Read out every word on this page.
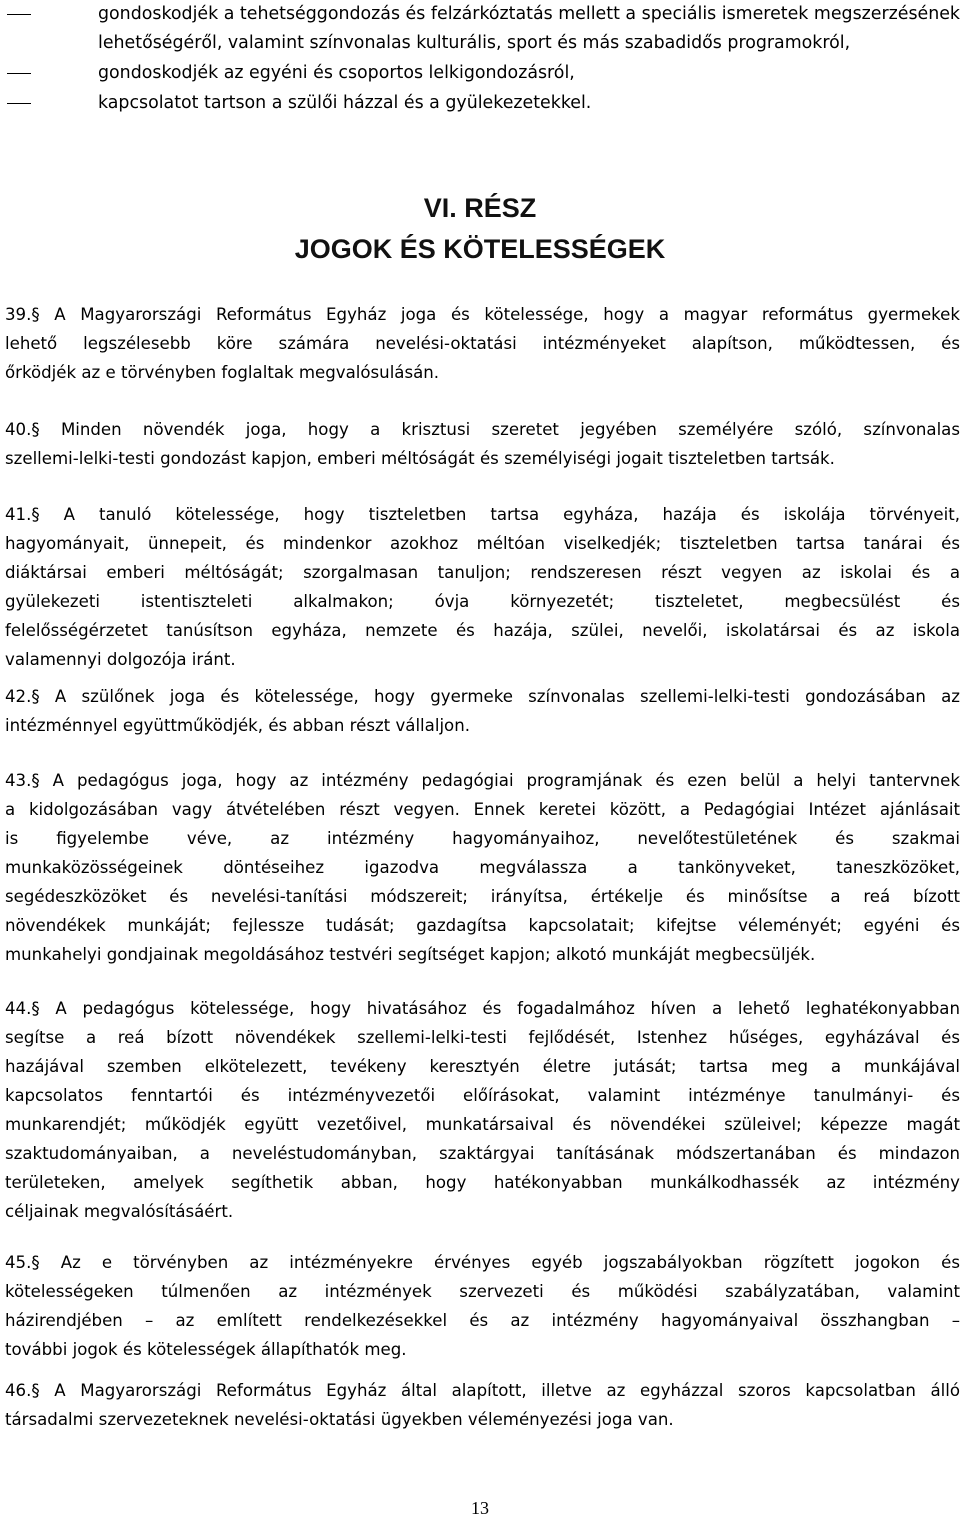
gondoskodjék a tehetséggondozás és felzárkóztatás mellett a speciális ismeretek megszerzésének lehetőségéről, valamint színvonalas kulturális, sport és más szabadidős programokról,
gondoskodjék az egyéni és csoportos lelkigondozásról,
kapcsolatot tartson a szülői házzal és a gyülekezetekkel.
VI. RÉSZ
JOGOK ÉS KÖTELESSÉGEK
39.§ A Magyarországi Református Egyház joga és kötelessége, hogy a magyar református gyermekek
lehető legszélesebb köre számára nevelési-oktatási intézményeket alapítson, működtessen, és
őrködjék az e törvényben foglaltak megvalósulásán.
40.§ Minden növendék joga, hogy a krisztusi szeretet jegyében személyére szóló, színvonalas
szellemi-lelki-testi gondozást kapjon, emberi méltóságát és személyiségi jogait tiszteletben tartsák.
41.§ A tanuló kötelessége, hogy tiszteletben tartsa egyháza, hazája és iskolája törvényeit,
hagyományait, ünnepeit, és mindenkor azokhoz méltóan viselkedjék; tiszteletben tartsa tanárai és
diáktársai emberi méltóságát; szorgalmasan tanuljon; rendszeresen részt vegyen az iskolai és a
gyülekezeti istentiszteleti alkalmakon; óvja környezetét; tiszteletet, megbecsülést és
felelősségérzetet tanúsítson egyháza, nemzete és hazája, szülei, nevelői, iskolatársai és az iskola
valamennyi dolgozója iránt.
42.§ A szülőnek joga és kötelessége, hogy gyermeke színvonalas szellemi-lelki-testi gondozásában az
intézménnyel együttműködjék, és abban részt vállaljon.
43.§ A pedagógus joga, hogy az intézmény pedagógiai programjának és ezen belül a helyi tantervnek
a kidolgozásában vagy átvételében részt vegyen. Ennek keretei között, a Pedagógiai Intézet ajánlásait
is figyelembe véve, az intézmény hagyományaihoz, nevelőtestületének és szakmai
munkaközösségeinek döntéseihez igazodva megválassza a tankönyveket, taneszközöket,
segédeszközöket és nevelési-tanítási módszereit; irányítsa, értékelje és minősítse a reá bízott
növendékek munkáját; fejlessze tudását; gazdagítsa kapcsolatait; kifejtse véleményét; egyéni és
munkahelyi gondjainak megoldásához testvéri segítséget kapjon; alkotó munkáját megbecsüljék.
44.§ A pedagógus kötelessége, hogy hivatásához és fogadalmához híven a lehető leghatékonyabban
segítse a reá bízott növendékek szellemi-lelki-testi fejlődését, Istenhez hűséges, egyházával és
hazájával szemben elkötelezett, tevékeny keresztyén életre jutását; tartsa meg a munkájával
kapcsolatos fenntartói és intézményvezetői előírásokat, valamint intézménye tanulmányi- és
munkarendjét; működjék együtt vezetőivel, munkatársaival és növendékei szüleivel; képezze magát
szaktudományaiban, a neveléstudományban, szaktárgyai tanításának módszertanában és mindazon
területeken, amelyek segíthetik abban, hogy hatékonyabban munkálkodhassék az intézmény
céljainak megvalósításáért.
45.§ Az e törvényben az intézményekre érvényes egyéb jogszabályokban rögzített jogokon és
kötelességeken túlmenően az intézmények szervezeti és működési szabályzatában, valamint
házirendjében – az említett rendelkezésekkel és az intézmény hagyományaival összhangban –
további jogok és kötelességek állapíthatók meg.
46.§ A Magyarországi Református Egyház által alapított, illetve az egyházzal szoros kapcsolatban álló
társadalmi szervezeteknek nevelési-oktatási ügyekben véleményezési joga van.
13
